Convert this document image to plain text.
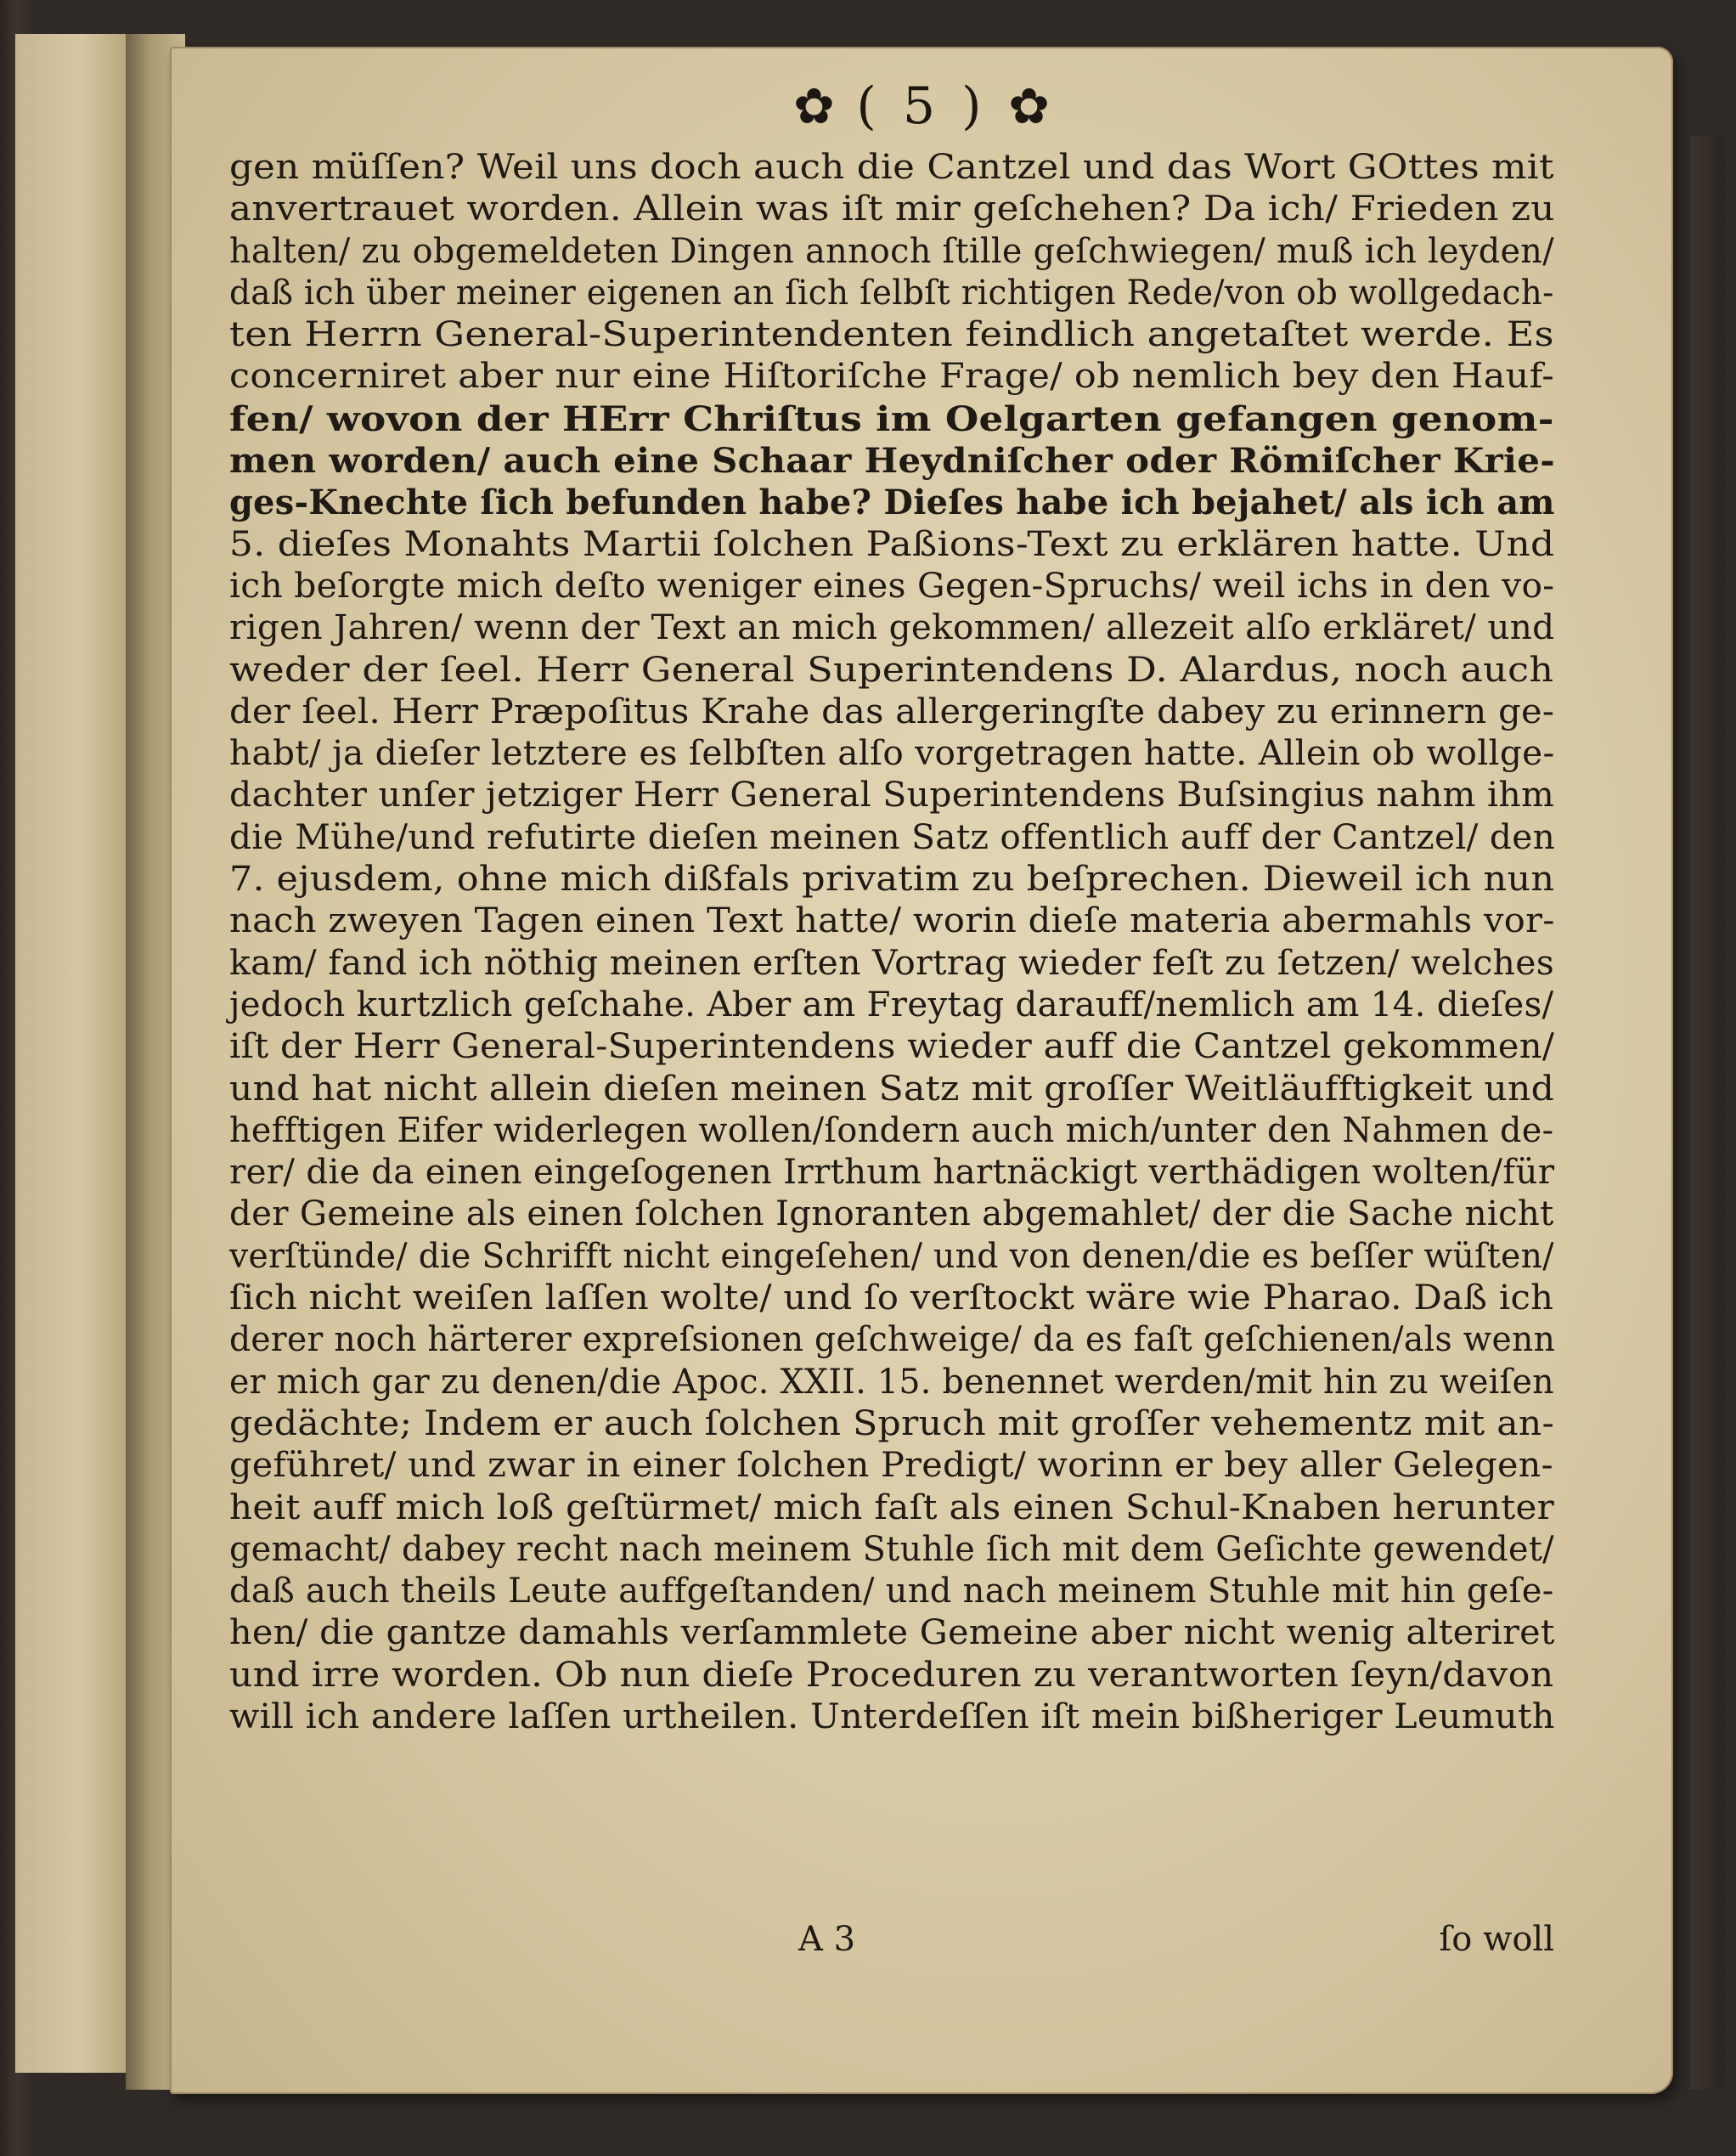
✿ ( 5 ) ✿
gen müſſen? Weil uns doch auch die Cantzel und das Wort GOttes mit
anvertrauet worden. Allein was iſt mir geſchehen? Da ich/ Frieden zu
halten/ zu obgemeldeten Dingen annoch ſtille geſchwiegen/ muß ich leyden/
daß ich über meiner eigenen an ſich ſelbſt richtigen Rede/von ob wollgedach-
ten Herrn General-Superintendenten feindlich angetaſtet werde. Es
concerniret aber nur eine Hiſtoriſche Frage/ ob nemlich bey den Hauf-
fen/ wovon der HErr Chriſtus im Oelgarten gefangen genom-
men worden/ auch eine Schaar Heydniſcher oder Römiſcher Krie-
ges-Knechte ſich befunden habe? Dieſes habe ich bejahet/ als ich am
5. dieſes Monahts Martii ſolchen Paßions-Text zu erklären hatte. Und
ich beſorgte mich deſto weniger eines Gegen-Spruchs/ weil ichs in den vo-
rigen Jahren/ wenn der Text an mich gekommen/ allezeit alſo erkläret/ und
weder der ſeel. Herr General Superintendens D. Alardus, noch auch
der ſeel. Herr Præpoſitus Krahe das allergeringſte dabey zu erinnern ge-
habt/ ja dieſer letztere es ſelbſten alſo vorgetragen hatte. Allein ob wollge-
dachter unſer jetziger Herr General Superintendens Buſsingius nahm ihm
die Mühe/und refutirte dieſen meinen Satz offentlich auff der Cantzel/ den
7. ejusdem, ohne mich dißfals privatim zu beſprechen. Dieweil ich nun
nach zweyen Tagen einen Text hatte/ worin dieſe materia abermahls vor-
kam/ fand ich nöthig meinen erſten Vortrag wieder feſt zu ſetzen/ welches
jedoch kurtzlich geſchahe. Aber am Freytag darauff/nemlich am 14. dieſes/
iſt der Herr General-Superintendens wieder auff die Cantzel gekommen/
und hat nicht allein dieſen meinen Satz mit groſſer Weitläufftigkeit und
hefftigen Eifer widerlegen wollen/ſondern auch mich/unter den Nahmen de-
rer/ die da einen eingeſogenen Irrthum hartnäckigt verthädigen wolten/für
der Gemeine als einen ſolchen Ignoranten abgemahlet/ der die Sache nicht
verſtünde/ die Schrifft nicht eingeſehen/ und von denen/die es beſſer wüſten/
ſich nicht weiſen laſſen wolte/ und ſo verſtockt wäre wie Pharao. Daß ich
derer noch härterer expreſsionen geſchweige/ da es faſt geſchienen/als wenn
er mich gar zu denen/die Apoc. XXII. 15. benennet werden/mit hin zu weiſen
gedächte; Indem er auch ſolchen Spruch mit groſſer vehementz mit an-
geführet/ und zwar in einer ſolchen Predigt/ worinn er bey aller Gelegen-
heit auff mich loß geſtürmet/ mich faſt als einen Schul-Knaben herunter
gemacht/ dabey recht nach meinem Stuhle ſich mit dem Geſichte gewendet/
daß auch theils Leute auffgeſtanden/ und nach meinem Stuhle mit hin geſe-
hen/ die gantze damahls verſammlete Gemeine aber nicht wenig alteriret
und irre worden. Ob nun dieſe Proceduren zu verantworten ſeyn/davon
will ich andere laſſen urtheilen. Unterdeſſen iſt mein bißheriger Leumuth
A 3	ſo woll
